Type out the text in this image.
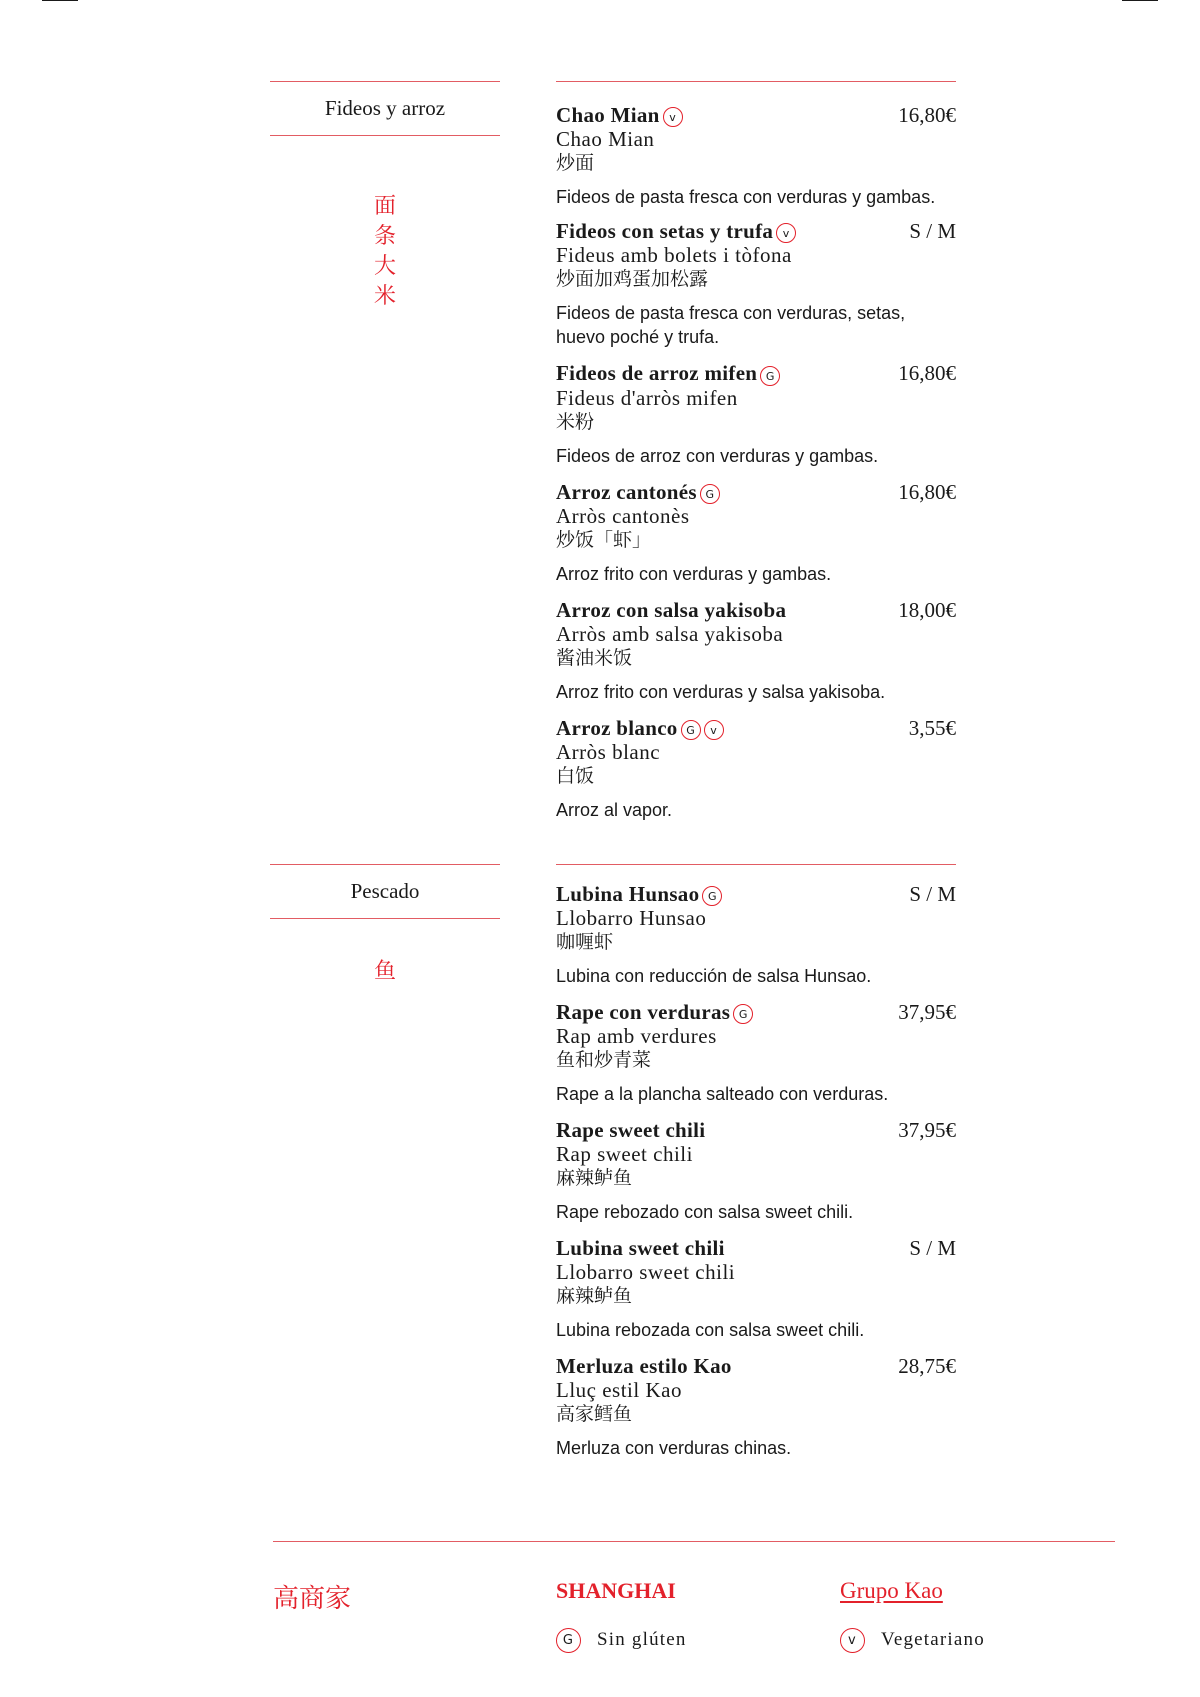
Fideos y arroz
面
条
大
米
Chao Mian v	16,80€
Chao Mian
炒面
Fideos de pasta fresca con verduras y gambas.
Fideos con setas y trufa v	S / M
Fideus amb bolets i tòfona
炒面加鸡蛋加松露
Fideos de pasta fresca con verduras, setas, huevo poché y trufa.
Fideos de arroz mifen G	16,80€
Fideus d'arròs mifen
米粉
Fideos de arroz con verduras y gambas.
Arroz cantonés G	16,80€
Arròs cantonès
炒饭「虾」
Arroz frito con verduras y gambas.
Arroz con salsa yakisoba	18,00€
Arròs amb salsa yakisoba
酱油米饭
Arroz frito con verduras y salsa yakisoba.
Arroz blanco G v	3,55€
Arròs blanc
白饭
Arroz al vapor.
Pescado
鱼
Lubina Hunsao G	S / M
Llobarro Hunsao
咖喱虾
Lubina con reducción de salsa Hunsao.
Rape con verduras G	37,95€
Rap amb verdures
鱼和炒青菜
Rape a la plancha salteado con verduras.
Rape sweet chili	37,95€
Rap sweet chili
麻辣鲈鱼
Rape rebozado con salsa sweet chili.
Lubina sweet chili	S / M
Llobarro sweet chili
麻辣鲈鱼
Lubina rebozada con salsa sweet chili.
Merluza estilo Kao	28,75€
Lluç estil Kao
高家鳕鱼
Merluza con verduras chinas.
高商家	SHANGHAI	Grupo Kao
G Sin glúten	v Vegetariano
